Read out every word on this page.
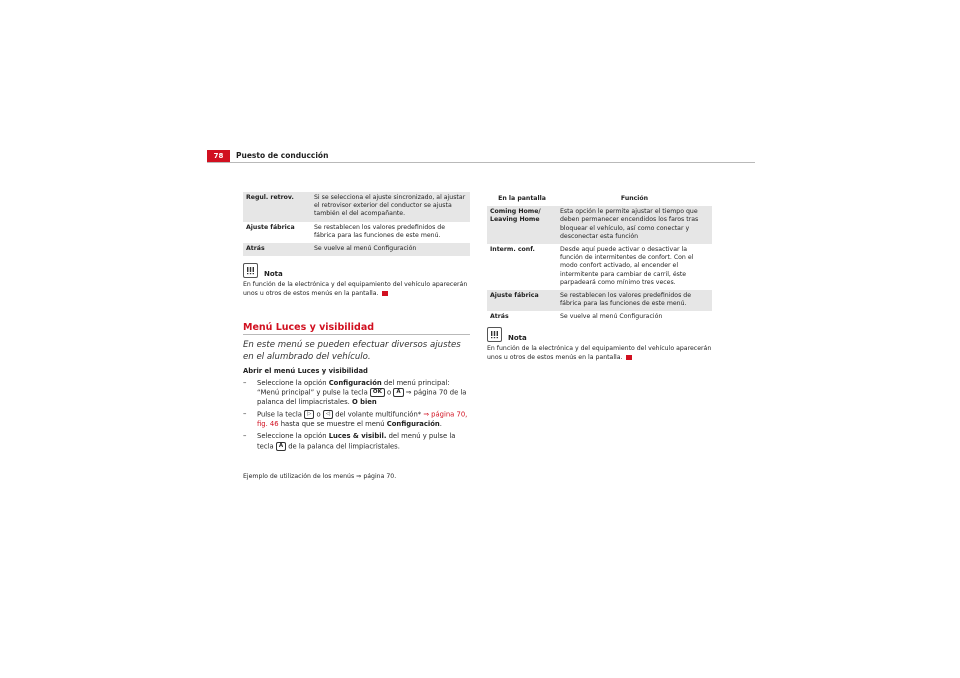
78	Puesto de conducción
Regul. retrov.	Si se selecciona el ajuste sincronizado, al ajustar el retrovisor exterior del conductor se ajusta también el del acompañante.
Ajuste fábrica	Se restablecen los valores predefinidos de fábrica para las funciones de este menú.
Atrás	Se vuelve al menú Configuración
Nota
En función de la electrónica y del equipamiento del vehículo aparecerán unos u otros de estos menús en la pantalla.
Menú Luces y visibilidad
En este menú se pueden efectuar diversos ajustes en el alumbrado del vehículo.
Abrir el menú Luces y visibilidad
– Seleccione la opción Configuración del menú principal: “Menú principal” y pulse la tecla OK o A ⇒ página 70 de la palanca del limpiacristales. O bien
– Pulse la tecla ▷ o ◁ del volante multifunción* ⇒ página 70, fig. 46 hasta que se muestre el menú Configuración.
– Seleccione la opción Luces & visibil. del menú y pulse la tecla A de la palanca del limpiacristales.
Ejemplo de utilización de los menús ⇒ página 70.
En la pantalla	Función
Coming Home/ Leaving Home	Esta opción le permite ajustar el tiempo que deben permanecer encendidos los faros tras bloquear el vehículo, así como conectar y desconectar esta función
Interm. conf.	Desde aquí puede activar o desactivar la función de intermitentes de confort. Con el modo confort activado, al encender el intermitente para cambiar de carril, éste parpadeará como mínimo tres veces.
Ajuste fábrica	Se restablecen los valores predefinidos de fábrica para las funciones de este menú.
Atrás	Se vuelve al menú Configuración
Nota
En función de la electrónica y del equipamiento del vehículo aparecerán unos u otros de estos menús en la pantalla.
